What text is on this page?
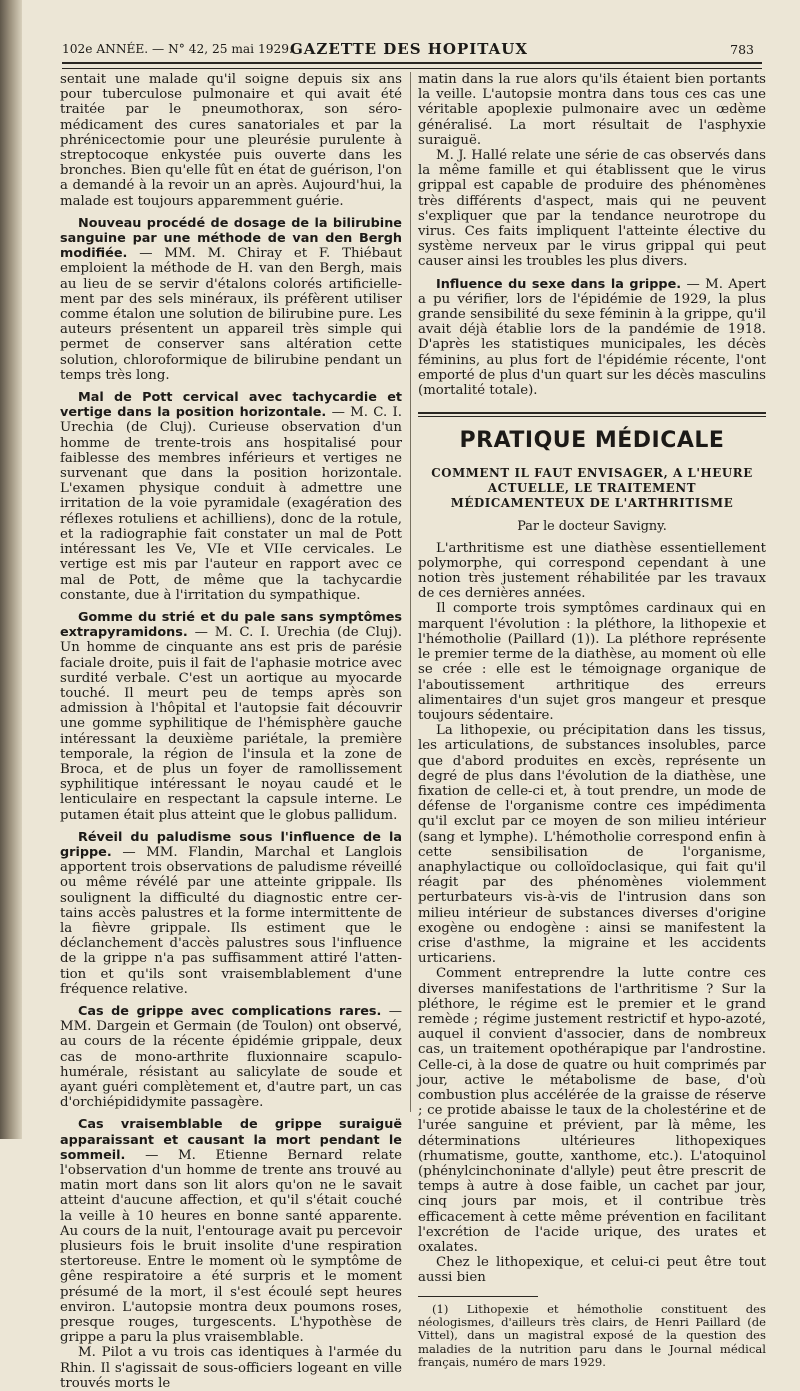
102e ANNÉE. — N° 42, 25 mai 1929.
GAZETTE DES HOPITAUX	783

sentait une malade qu'il soigne depuis six ans pour tuberculose pulmonaire et qui avait été traitée par le pneumothorax, son séro-médicament des cures sanatoriales et par la phrénicectomie pour une pleurésie purulente à streptocoque enkystée puis ouverte dans les bronches. Bien qu'elle fût en état de guérison, l'on a demandé à la revoir un an après. Aujourd'hui, la malade est toujours apparemment guérie.

Nouveau procédé de dosage de la bilirubine sanguine par une méthode de van den Bergh modifiée. — MM. M. Chiray et F. Thiébaut emploient la méthode de H. van den Bergh, mais au lieu de se servir d'étalons colorés artificiellement par des sels minéraux, ils préfèrent utiliser comme étalon une solution de bilirubine pure. Les auteurs présentent un appareil très simple qui permet de conserver sans altération cette solution, chloroformique de bilirubine pendant un temps très long.

Mal de Pott cervical avec tachycardie et vertige dans la position horizontale. — M. C. I. Urechia (de Cluj). Curieuse observation d'un homme de trente-trois ans hospitalisé pour faiblesse des membres inférieurs et vertiges ne survenant que dans la position horizontale. L'examen physique conduit à admettre une irritation de la voie pyramidale (exagération des réflexes rotuliens et achilliens), donc de la rotule, et la radiographie fait constater un mal de Pott intéressant les Ve, VIe et VIIe cervicales. Le vertige est mis par l'auteur en rapport avec ce mal de Pott, de même que la tachycardie constante, due à l'irritation du sympathique.

Gomme du strié et du pale sans symptômes extrapyramidons. — M. C. I. Urechia (de Cluj). Un homme de cinquante ans est pris de parésie faciale droite, puis il fait de l'aphasie motrice avec surdité verbale. C'est un aortique au myocarde touché. Il meurt peu de temps après son admission à l'hôpital et l'autopsie fait découvrir une gomme syphilitique de l'hémisphère gauche intéressant la deuxième pariétale, la première temporale, la région de l'insula et la zone de Broca, et de plus un foyer de ramollissement syphilitique intéressant le noyau caudé et le lenticulaire en respectant la capsule interne. Le putamen était plus atteint que le globus pallidum.

Réveil du paludisme sous l'influence de la grippe. — MM. Flandin, Marchal et Langlois apportent trois observations de paludisme réveillé ou même révélé par une atteinte grippale. Ils soulignent la difficulté du diagnostic entre certains accès palustres et la forme intermittente de la fièvre grippale. Ils estiment que le déclanchement d'accès palustres sous l'influence de la grippe n'a pas suffisamment attiré l'attention et qu'ils sont vraisemblablement d'une fréquence relative.

Cas de grippe avec complications rares. — MM. Dargein et Germain (de Toulon) ont observé, au cours de la récente épidémie grippale, deux cas de mono-arthrite fluxionnaire scapulo-humérale, résistant au salicylate de soude et ayant guéri complètement et, d'autre part, un cas d'orchiépididymite passagère.

Cas vraisemblable de grippe suraiguë apparaissant et causant la mort pendant le sommeil. — M. Etienne Bernard relate l'observation d'un homme de trente ans trouvé au matin mort dans son lit alors qu'on ne le savait atteint d'aucune affection, et qu'il s'était couché la veille à 10 heures en bonne santé apparente. Au cours de la nuit, l'entourage avait pu percevoir plusieurs fois le bruit insolite d'une respiration stertoreuse. Entre le moment où le symptôme de gêne respiratoire a été surpris et le moment présumé de la mort, il s'est écoulé sept heures environ. L'autopsie montra deux poumons roses, presque rouges, turgescents. L'hypothèse de grippe a paru la plus vraisemblable.

M. Pilot a vu trois cas identiques à l'armée du Rhin. Il s'agissait de sous-officiers logeant en ville trouvés morts le

matin dans la rue alors qu'ils étaient bien portants la veille. L'autopsie montra dans tous ces cas une véritable apoplexie pulmonaire avec un œdème généralisé. La mort résultait de l'asphyxie suraiguë.

M. J. Hallé relate une série de cas observés dans la même famille et qui établissent que le virus grippal est capable de produire des phénomènes très différents d'aspect, mais qui ne peuvent s'expliquer que par la tendance neurotrope du virus. Ces faits impliquent l'atteinte élective du système nerveux par le virus grippal qui peut causer ainsi les troubles les plus divers.

Influence du sexe dans la grippe. — M. Apert a pu vérifier, lors de l'épidémie de 1929, la plus grande sensibilité du sexe féminin à la grippe, qu'il avait déjà établie lors de la pandémie de 1918. D'après les statistiques municipales, les décès féminins, au plus fort de l'épidémie récente, l'ont emporté de plus d'un quart sur les décès masculins (mortalité totale).

PRATIQUE MÉDICALE

COMMENT IL FAUT ENVISAGER, A L'HEURE ACTUELLE, LE TRAITEMENT MÉDICAMENTEUX DE L'ARTHRITISME

Par le docteur Savigny.

L'arthritisme est une diathèse essentiellement polymorphe, qui correspond cependant à une notion très justement réhabilitée par les travaux de ces dernières années.

Il comporte trois symptômes cardinaux qui en marquent l'évolution : la pléthore, la lithopexie et l'hémotholie (Paillard (1)). La pléthore représente le premier terme de la diathèse, au moment où elle se crée : elle est le témoignage organique de l'aboutissement arthritique des erreurs alimentaires d'un sujet gros mangeur et presque toujours sédentaire.

La lithopexie, ou précipitation dans les tissus, les articulations, de substances insolubles, parce que d'abord produites en excès, représente un degré de plus dans l'évolution de la diathèse, une fixation de celle-ci et, à tout prendre, un mode de défense de l'organisme contre ces impédimenta qu'il exclut par ce moyen de son milieu intérieur (sang et lymphe). L'hémotholie correspond enfin à cette sensibilisation de l'organisme, anaphylactique ou colloïdoclasique, qui fait qu'il réagit par des phénomènes violemment perturbateurs vis-à-vis de l'intrusion dans son milieu intérieur de substances diverses d'origine exogène ou endogène : ainsi se manifestent la crise d'asthme, la migraine et les accidents urticariens.

Comment entreprendre la lutte contre ces diverses manifestations de l'arthritisme ? Sur la pléthore, le régime est le premier et le grand remède ; régime justement restrictif et hypo-azoté, auquel il convient d'associer, dans de nombreux cas, un traitement opothérapique par l'androstine. Celle-ci, à la dose de quatre ou huit comprimés par jour, active le métabolisme de base, d'où combustion plus accélérée de la graisse de réserve ; ce protide abaisse le taux de la cholestérine et de l'urée sanguine et prévient, par là même, les déterminations ultérieures lithopexiques (rhumatisme, goutte, xanthome, etc.). L'atoquinol (phénylcinchoninate d'allyle) peut être prescrit de temps à autre à dose faible, un cachet par jour, cinq jours par mois, et il contribue très efficacement à cette même prévention en facilitant l'excrétion de l'acide urique, des urates et oxalates.

Chez le lithopexique, et celui-ci peut être tout aussi bien

(1) Lithopexie et hémotholie constituent des néologismes, d'ailleurs très clairs, de Henri Paillard (de Vittel), dans un magistral exposé de la question des maladies de la nutrition paru dans le Journal médical français, numéro de mars 1929.
